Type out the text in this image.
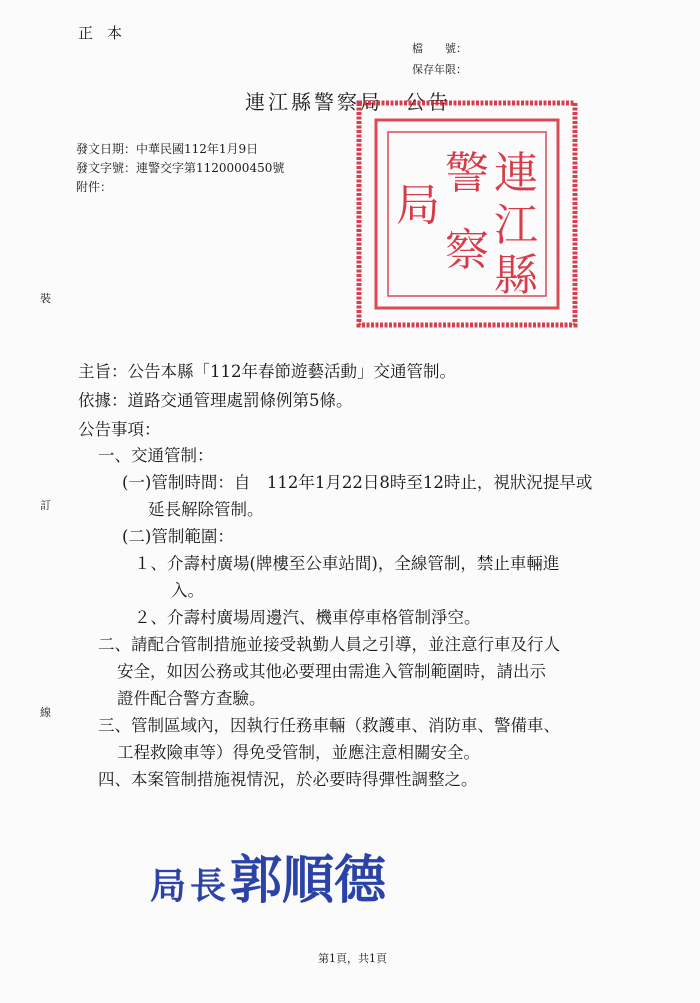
正本
檔　　號：
保存年限：
連江縣警察局 公告
連
江
縣
警
察
局
發文日期：中華民國112年1月9日
發文字號：連警交字第1120000450號
附件：
裝
訂
線
主旨：公告本縣「112年春節遊藝活動」交通管制。
依據：道路交通管理處罰條例第5條。
公告事項：
一、交通管制：
(一)管制時間：自　112年1月22日8時至12時止，視狀況提早或
延長解除管制。
(二)管制範圍：
１、介壽村廣場(牌樓至公車站間)，全線管制，禁止車輛進
入。
２、介壽村廣場周邊汽、機車停車格管制淨空。
二、請配合管制措施並接受執勤人員之引導，並注意行車及行人
安全，如因公務或其他必要理由需進入管制範圍時，請出示
證件配合警方查驗。
三、管制區域內，因執行任務車輛（救護車、消防車、警備車、
工程救險車等）得免受管制，並應注意相關安全。
四、本案管制措施視情況，於必要時得彈性調整之。
局長郭順德
第1頁，共1頁
